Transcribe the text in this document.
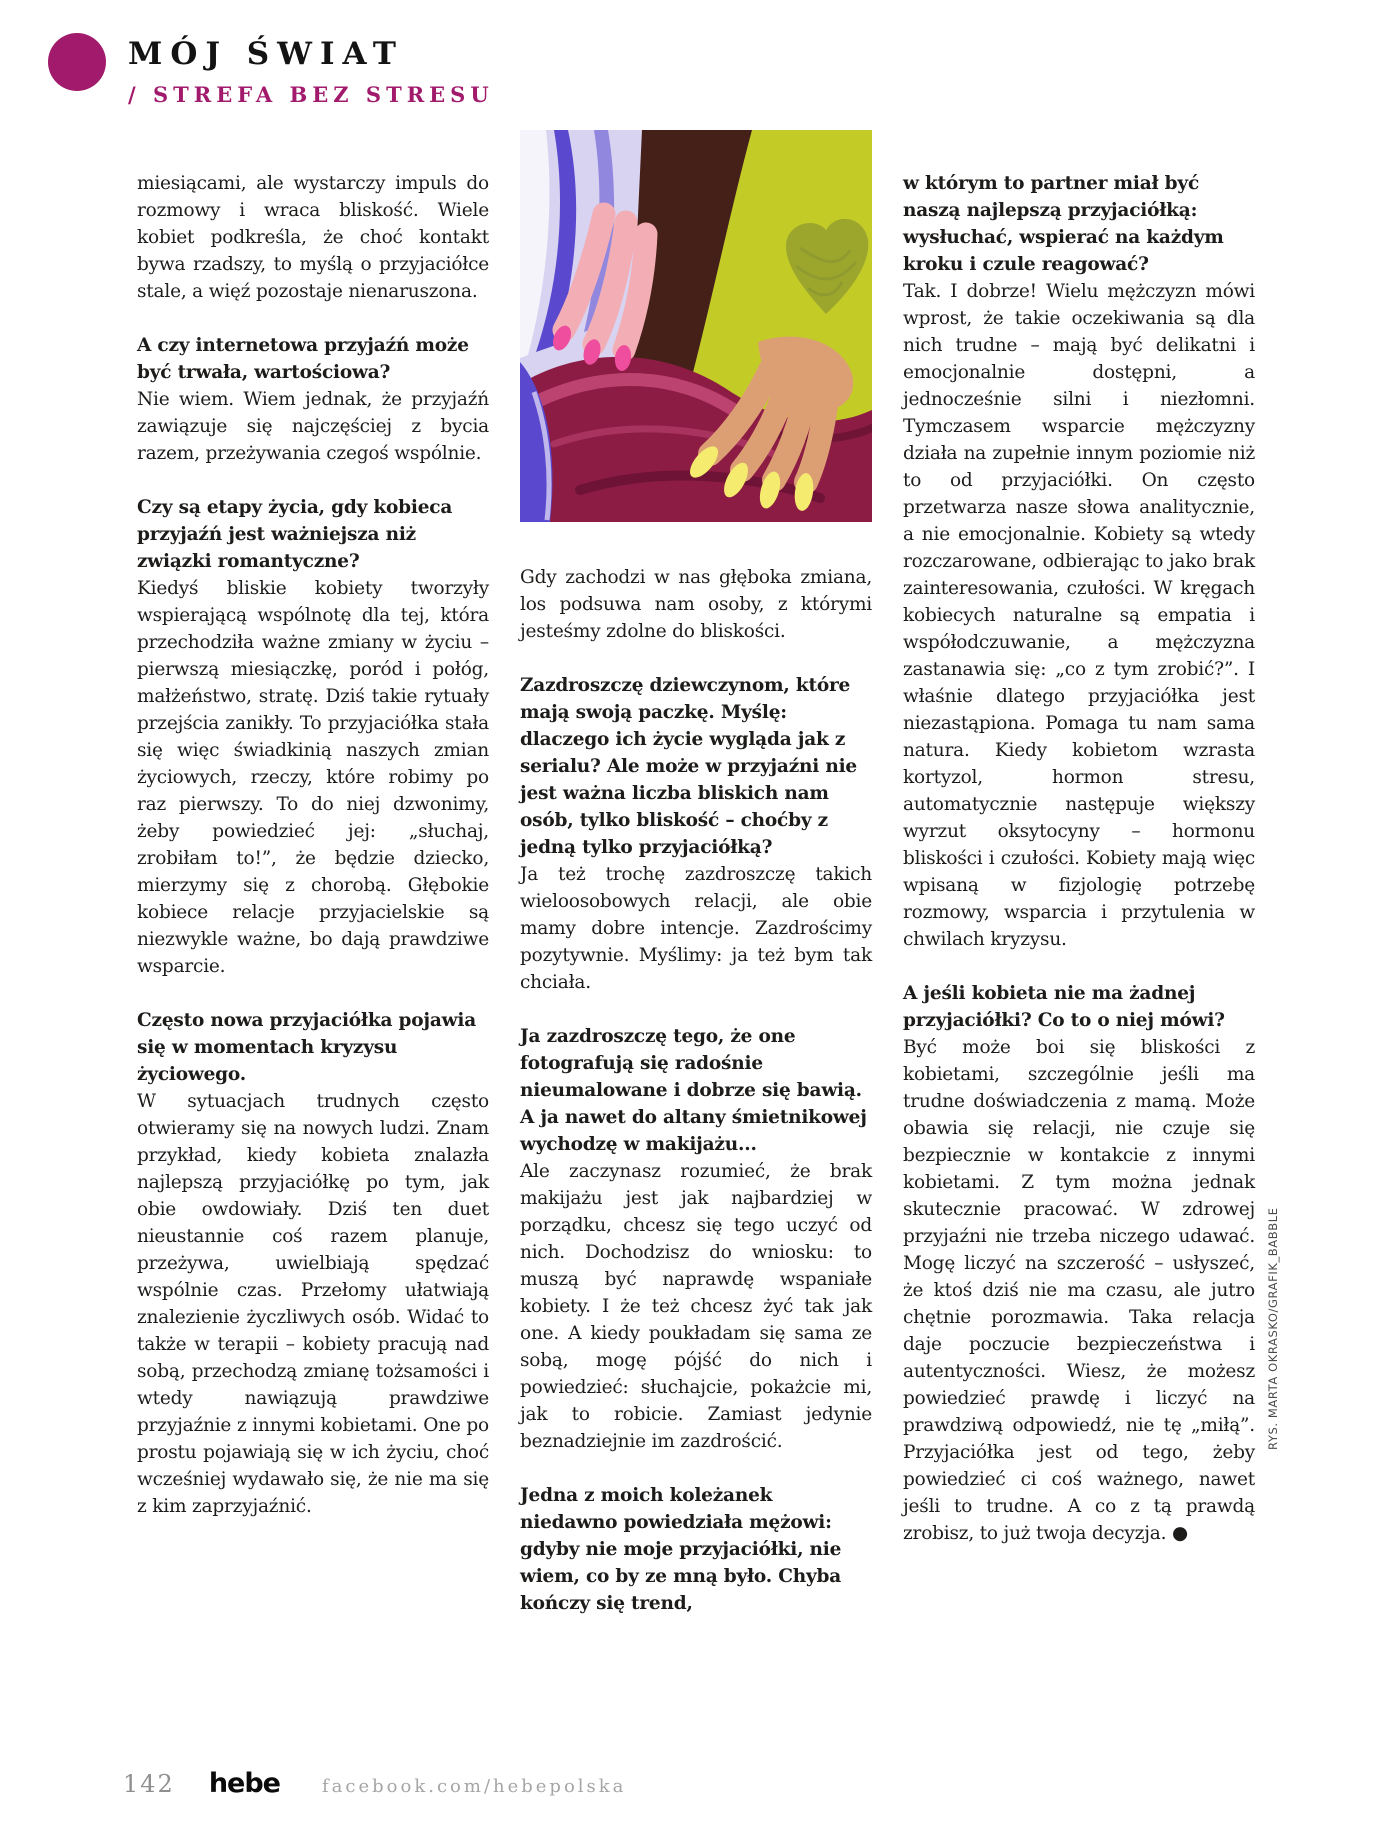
MÓJ ŚWIAT
/ STREFA BEZ STRESU

miesiącami, ale wystarczy impuls do rozmowy i wraca bliskość. Wiele kobiet podkreśla, że choć kontakt bywa rzadszy, to myślą o przyjaciółce stale, a więź pozostaje nienaruszona.

A czy internetowa przyjaźń może być trwała, wartościowa?

Nie wiem. Wiem jednak, że przyjaźń zawiązuje się najczęściej z bycia razem, przeżywania czegoś wspólnie.

Czy są etapy życia, gdy kobieca przyjaźń jest ważniejsza niż związki romantyczne?

Kiedyś bliskie kobiety tworzyły wspierającą wspólnotę dla tej, która przechodziła ważne zmiany w życiu – pierwszą miesiączkę, poród i połóg, małżeństwo, stratę. Dziś takie rytuały przejścia zanikły. To przyjaciółka stała się więc świadkinią naszych zmian życiowych, rzeczy, które robimy po raz pierwszy. To do niej dzwonimy, żeby powiedzieć jej: „słuchaj, zrobiłam to!”, że będzie dziecko, mierzymy się z chorobą. Głębokie kobiece relacje przyjacielskie są niezwykle ważne, bo dają prawdziwe wsparcie.

Często nowa przyjaciółka pojawia się w momentach kryzysu życiowego.

W sytuacjach trudnych często otwieramy się na nowych ludzi. Znam przykład, kiedy kobieta znalazła najlepszą przyjaciółkę po tym, jak obie owdowiały. Dziś ten duet nieustannie coś razem planuje, przeżywa, uwielbiają spędzać wspólnie czas. Przełomy ułatwiają znalezienie życzliwych osób. Widać to także w terapii – kobiety pracują nad sobą, przechodzą zmianę tożsamości i wtedy nawiązują prawdziwe przyjaźnie z innymi kobietami. One po prostu pojawiają się w ich życiu, choć wcześniej wydawało się, że nie ma się z kim zaprzyjaźnić.

Gdy zachodzi w nas głęboka zmiana, los podsuwa nam osoby, z którymi jesteśmy zdolne do bliskości.

Zazdroszczę dziewczynom, które mają swoją paczkę. Myślę: dlaczego ich życie wygląda jak z serialu? Ale może w przyjaźni nie jest ważna liczba bliskich nam osób, tylko bliskość – choćby z jedną tylko przyjaciółką?

Ja też trochę zazdroszczę takich wieloosobowych relacji, ale obie mamy dobre intencje. Zazdrościmy pozytywnie. Myślimy: ja też bym tak chciała.

Ja zazdroszczę tego, że one fotografują się radośnie nieumalowane i dobrze się bawią. A ja nawet do altany śmietnikowej wychodzę w makijażu...

Ale zaczynasz rozumieć, że brak makijażu jest jak najbardziej w porządku, chcesz się tego uczyć od nich. Dochodzisz do wniosku: to muszą być naprawdę wspaniałe kobiety. I że też chcesz żyć tak jak one. A kiedy poukładam się sama ze sobą, mogę pójść do nich i powiedzieć: słuchajcie, pokażcie mi, jak to robicie. Zamiast jedynie beznadziejnie im zazdrościć.

Jedna z moich koleżanek niedawno powiedziała mężowi: gdyby nie moje przyjaciółki, nie wiem, co by ze mną było. Chyba kończy się trend,

w którym to partner miał być naszą najlepszą przyjaciółką: wysłuchać, wspierać na każdym kroku i czule reagować?

Tak. I dobrze! Wielu mężczyzn mówi wprost, że takie oczekiwania są dla nich trudne – mają być delikatni i emocjonalnie dostępni, a jednocześnie silni i niezłomni. Tymczasem wsparcie mężczyzny działa na zupełnie innym poziomie niż to od przyjaciółki. On często przetwarza nasze słowa analitycznie, a nie emocjonalnie. Kobiety są wtedy rozczarowane, odbierając to jako brak zainteresowania, czułości. W kręgach kobiecych naturalne są empatia i współodczuwanie, a mężczyzna zastanawia się: „co z tym zrobić?”. I właśnie dlatego przyjaciółka jest niezastąpiona. Pomaga tu nam sama natura. Kiedy kobietom wzrasta kortyzol, hormon stresu, automatycznie następuje większy wyrzut oksytocyny – hormonu bliskości i czułości. Kobiety mają więc wpisaną w fizjologię potrzebę rozmowy, wsparcia i przytulenia w chwilach kryzysu.

A jeśli kobieta nie ma żadnej przyjaciółki? Co to o niej mówi?

Być może boi się bliskości z kobietami, szczególnie jeśli ma trudne doświadczenia z mamą. Może obawia się relacji, nie czuje się bezpiecznie w kontakcie z innymi kobietami. Z tym można jednak skutecznie pracować. W zdrowej przyjaźni nie trzeba niczego udawać. Mogę liczyć na szczerość – usłyszeć, że ktoś dziś nie ma czasu, ale jutro chętnie porozmawia. Taka relacja daje poczucie bezpieczeństwa i autentyczności. Wiesz, że możesz powiedzieć prawdę i liczyć na prawdziwą odpowiedź, nie tę „miłą”. Przyjaciółka jest od tego, żeby powiedzieć ci coś ważnego, nawet jeśli to trudne. A co z tą prawdą zrobisz, to już twoja decyzja. ●

RYS. MARTA OKRASKO/GRAFIK_BABBLE
142 hebe facebook.com/hebepolska
